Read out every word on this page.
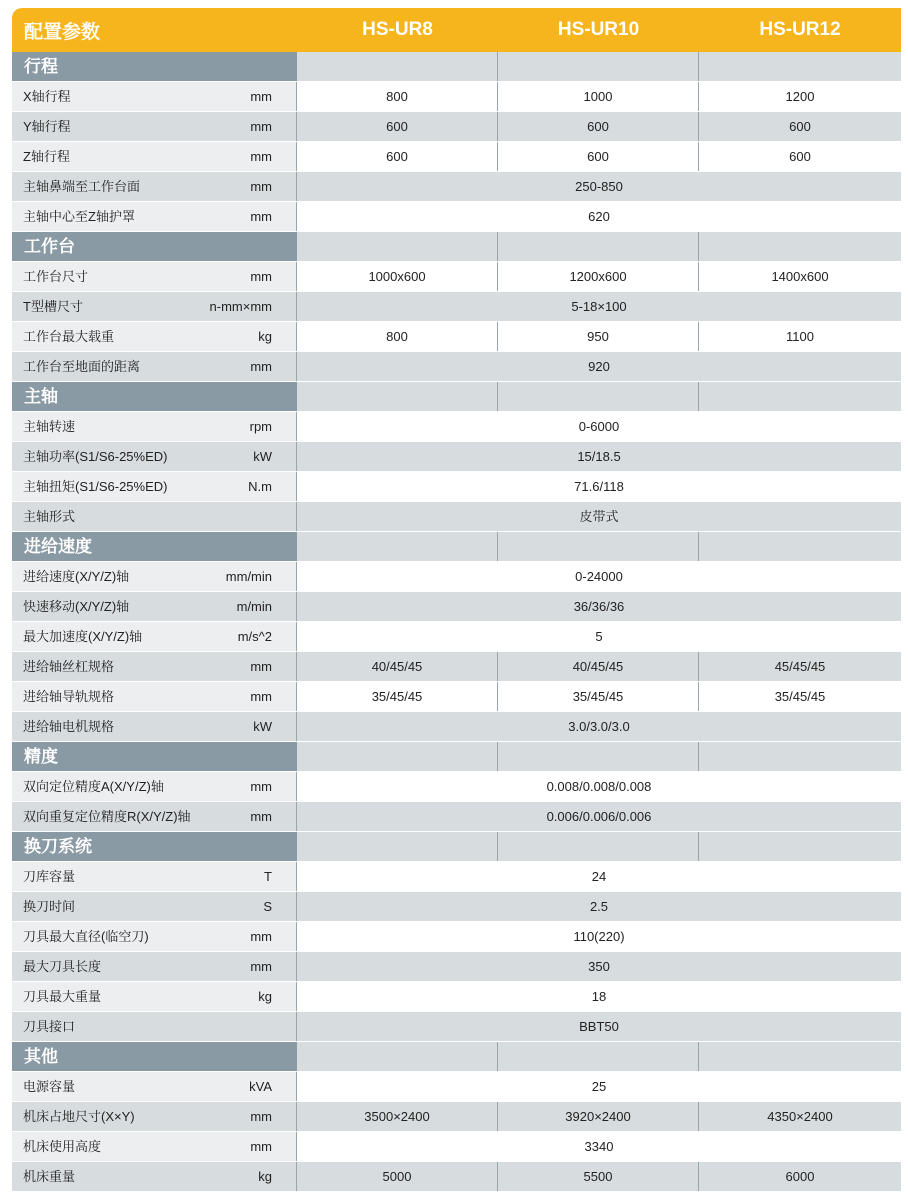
配置参数	HS-UR8	HS-UR10	HS-UR12
行程
X轴行程	mm	800	1000	1200
Y轴行程	mm	600	600	600
Z轴行程	mm	600	600	600
主轴鼻端至工作台面	mm	250-850
主轴中心至Z轴护罩	mm	620
工作台
工作台尺寸	mm	1000x600	1200x600	1400x600
T型槽尺寸	n-mm×mm	5-18×100
工作台最大载重	kg	800	950	1100
工作台至地面的距离	mm	920
主轴
主轴转速	rpm	0-6000
主轴功率(S1/S6-25%ED)	kW	15/18.5
主轴扭矩(S1/S6-25%ED)	N.m	71.6/118
主轴形式	皮带式
进给速度
进给速度(X/Y/Z)轴	mm/min	0-24000
快速移动(X/Y/Z)轴	m/min	36/36/36
最大加速度(X/Y/Z)轴	m/s^2	5
进给轴丝杠规格	mm	40/45/45	40/45/45	45/45/45
进给轴导轨规格	mm	35/45/45	35/45/45	35/45/45
进给轴电机规格	kW	3.0/3.0/3.0
精度
双向定位精度A(X/Y/Z)轴	mm	0.008/0.008/0.008
双向重复定位精度R(X/Y/Z)轴	mm	0.006/0.006/0.006
换刀系统
刀库容量	T	24
换刀时间	S	2.5
刀具最大直径(临空刀)	mm	110(220)
最大刀具长度	mm	350
刀具最大重量	kg	18
刀具接口	BBT50
其他
电源容量	kVA	25
机床占地尺寸(X×Y)	mm	3500×2400	3920×2400	4350×2400
机床使用高度	mm	3340
机床重量	kg	5000	5500	6000
